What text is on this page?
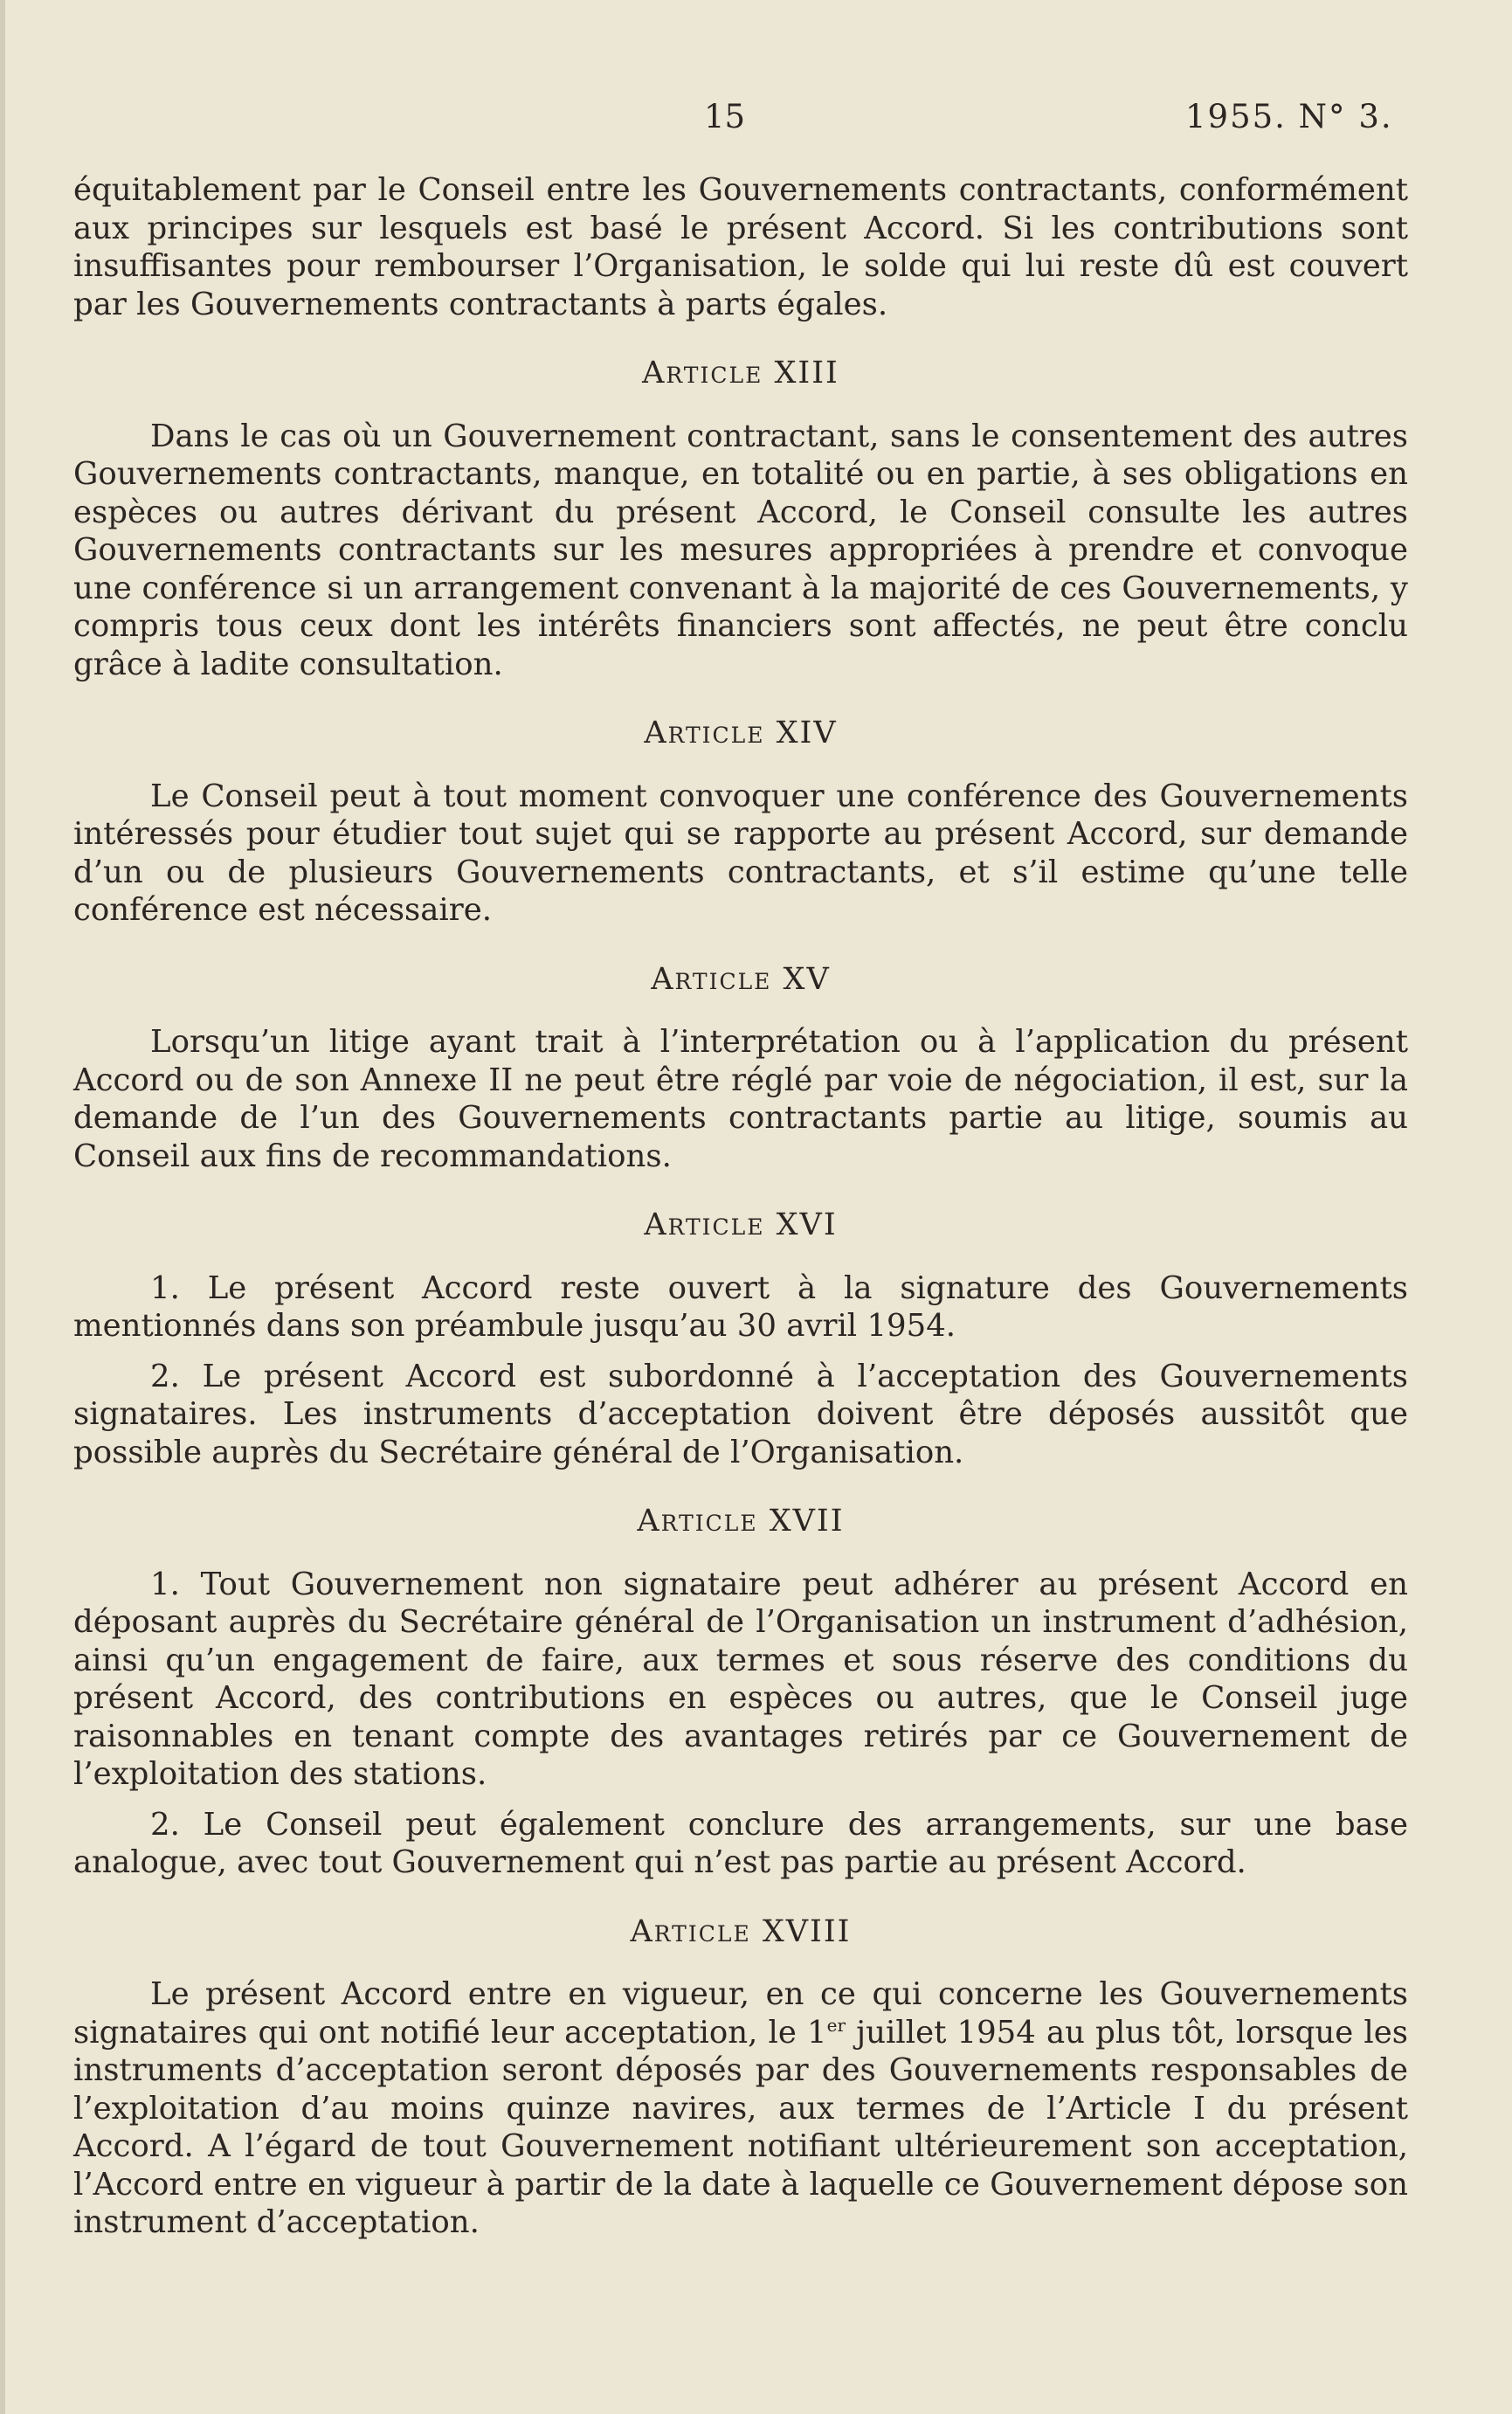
15	1955. N° 3.

équitablement par le Conseil entre les Gouvernements contractants, conformément aux principes sur lesquels est basé le présent Accord. Si les contributions sont insuffisantes pour rembourser l’Organisation, le solde qui lui reste dû est couvert par les Gouvernements contractants à parts égales.

Article XIII

Dans le cas où un Gouvernement contractant, sans le consentement des autres Gouvernements contractants, manque, en totalité ou en partie, à ses obligations en espèces ou autres dérivant du présent Accord, le Conseil consulte les autres Gouvernements contractants sur les mesures appropriées à prendre et convoque une conférence si un arrangement convenant à la majorité de ces Gouvernements, y compris tous ceux dont les intérêts financiers sont affectés, ne peut être conclu grâce à ladite consultation.

Article XIV

Le Conseil peut à tout moment convoquer une conférence des Gouvernements intéressés pour étudier tout sujet qui se rapporte au présent Accord, sur demande d’un ou de plusieurs Gouvernements contractants, et s’il estime qu’une telle conférence est nécessaire.

Article XV

Lorsqu’un litige ayant trait à l’interprétation ou à l’application du présent Accord ou de son Annexe II ne peut être réglé par voie de négociation, il est, sur la demande de l’un des Gouvernements contractants partie au litige, soumis au Conseil aux fins de recommandations.

Article XVI

1. Le présent Accord reste ouvert à la signature des Gouvernements mentionnés dans son préambule jusqu’au 30 avril 1954.

2. Le présent Accord est subordonné à l’acceptation des Gouvernements signataires. Les instruments d’acceptation doivent être déposés aussitôt que possible auprès du Secrétaire général de l’Organisation.

Article XVII

1. Tout Gouvernement non signataire peut adhérer au présent Accord en déposant auprès du Secrétaire général de l’Organisation un instrument d’adhésion, ainsi qu’un engagement de faire, aux termes et sous réserve des conditions du présent Accord, des contributions en espèces ou autres, que le Conseil juge raisonnables en tenant compte des avantages retirés par ce Gouvernement de l’exploitation des stations.

2. Le Conseil peut également conclure des arrangements, sur une base analogue, avec tout Gouvernement qui n’est pas partie au présent Accord.

Article XVIII

Le présent Accord entre en vigueur, en ce qui concerne les Gouvernements signataires qui ont notifié leur acceptation, le 1er juillet 1954 au plus tôt, lorsque les instruments d’acceptation seront déposés par des Gouvernements responsables de l’exploitation d’au moins quinze navires, aux termes de l’Article I du présent Accord. A l’égard de tout Gouvernement notifiant ultérieurement son acceptation, l’Accord entre en vigueur à partir de la date à laquelle ce Gouvernement dépose son instrument d’acceptation.
